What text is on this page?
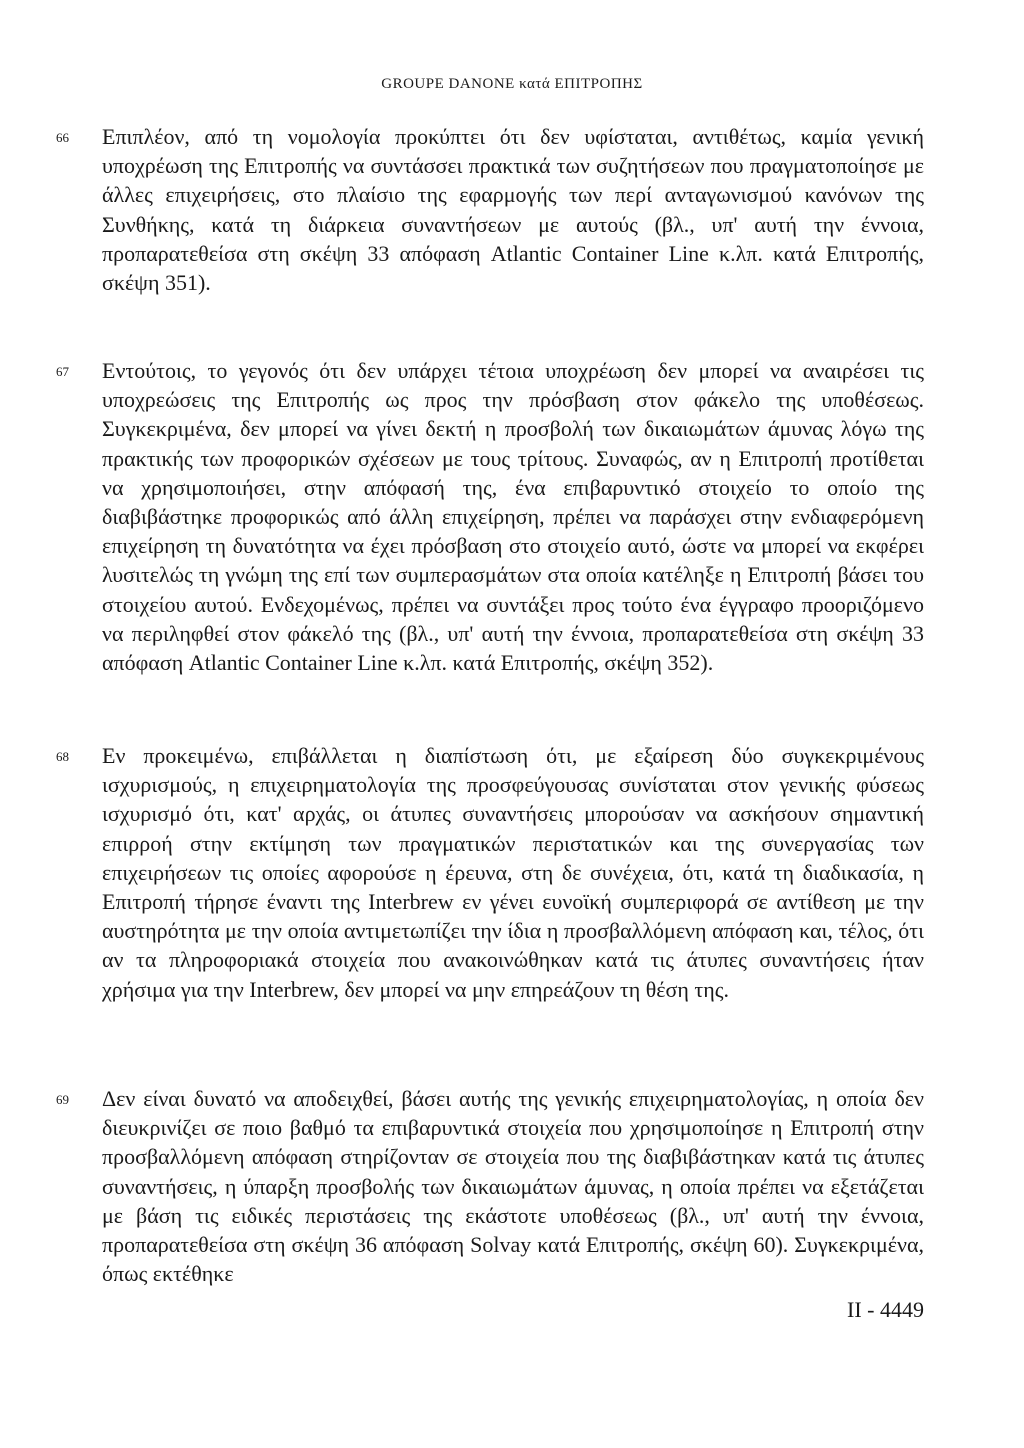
GROUPE DANONE κατά ΕΠΙΤΡΟΠΗΣ
66	Επιπλέον, από τη νομολογία προκύπτει ότι δεν υφίσταται, αντιθέτως, καμία γενική υποχρέωση της Επιτροπής να συντάσσει πρακτικά των συζητήσεων που πραγματοποίησε με άλλες επιχειρήσεις, στο πλαίσιο της εφαρμογής των περί ανταγωνισμού κανόνων της Συνθήκης, κατά τη διάρκεια συναντήσεων με αυτούς (βλ., υπ' αυτή την έννοια, προπαρατεθείσα στη σκέψη 33 απόφαση Atlantic Container Line κ.λπ. κατά Επιτροπής, σκέψη 351).

67	Εντούτοις, το γεγονός ότι δεν υπάρχει τέτοια υποχρέωση δεν μπορεί να αναιρέσει τις υποχρεώσεις της Επιτροπής ως προς την πρόσβαση στον φάκελο της υποθέσεως. Συγκεκριμένα, δεν μπορεί να γίνει δεκτή η προσβολή των δικαιωμάτων άμυνας λόγω της πρακτικής των προφορικών σχέσεων με τους τρίτους. Συναφώς, αν η Επιτροπή προτίθεται να χρησιμοποιήσει, στην απόφασή της, ένα επιβαρυντικό στοιχείο το οποίο της διαβιβάστηκε προφορικώς από άλλη επιχείρηση, πρέπει να παράσχει στην ενδιαφερόμενη επιχείρηση τη δυνατότητα να έχει πρόσβαση στο στοιχείο αυτό, ώστε να μπορεί να εκφέρει λυσιτελώς τη γνώμη της επί των συμπερασμάτων στα οποία κατέληξε η Επιτροπή βάσει του στοιχείου αυτού. Ενδεχομένως, πρέπει να συντάξει προς τούτο ένα έγγραφο προοριζόμενο να περιληφθεί στον φάκελό της (βλ., υπ' αυτή την έννοια, προπαρατεθείσα στη σκέψη 33 απόφαση Atlantic Container Line κ.λπ. κατά Επιτροπής, σκέψη 352).

68	Εν προκειμένω, επιβάλλεται η διαπίστωση ότι, με εξαίρεση δύο συγκεκριμένους ισχυρισμούς, η επιχειρηματολογία της προσφεύγουσας συνίσταται στον γενικής φύσεως ισχυρισμό ότι, κατ' αρχάς, οι άτυπες συναντήσεις μπορούσαν να ασκήσουν σημαντική επιρροή στην εκτίμηση των πραγματικών περιστατικών και της συνεργασίας των επιχειρήσεων τις οποίες αφορούσε η έρευνα, στη δε συνέχεια, ότι, κατά τη διαδικασία, η Επιτροπή τήρησε έναντι της Interbrew εν γένει ευνοϊκή συμπεριφορά σε αντίθεση με την αυστηρότητα με την οποία αντιμετωπίζει την ίδια η προσβαλλόμενη απόφαση και, τέλος, ότι αν τα πληροφοριακά στοιχεία που ανακοινώθηκαν κατά τις άτυπες συναντήσεις ήταν χρήσιμα για την Interbrew, δεν μπορεί να μην επηρεάζουν τη θέση της.

69	Δεν είναι δυνατό να αποδειχθεί, βάσει αυτής της γενικής επιχειρηματολογίας, η οποία δεν διευκρινίζει σε ποιο βαθμό τα επιβαρυντικά στοιχεία που χρησιμοποίησε η Επιτροπή στην προσβαλλόμενη απόφαση στηρίζονταν σε στοιχεία που της διαβιβάστηκαν κατά τις άτυπες συναντήσεις, η ύπαρξη προσβολής των δικαιωμάτων άμυνας, η οποία πρέπει να εξετάζεται με βάση τις ειδικές περιστάσεις της εκάστοτε υποθέσεως (βλ., υπ' αυτή την έννοια, προπαρατεθείσα στη σκέψη 36 απόφαση Solvay κατά Επιτροπής, σκέψη 60). Συγκεκριμένα, όπως εκτέθηκε

II - 4449
